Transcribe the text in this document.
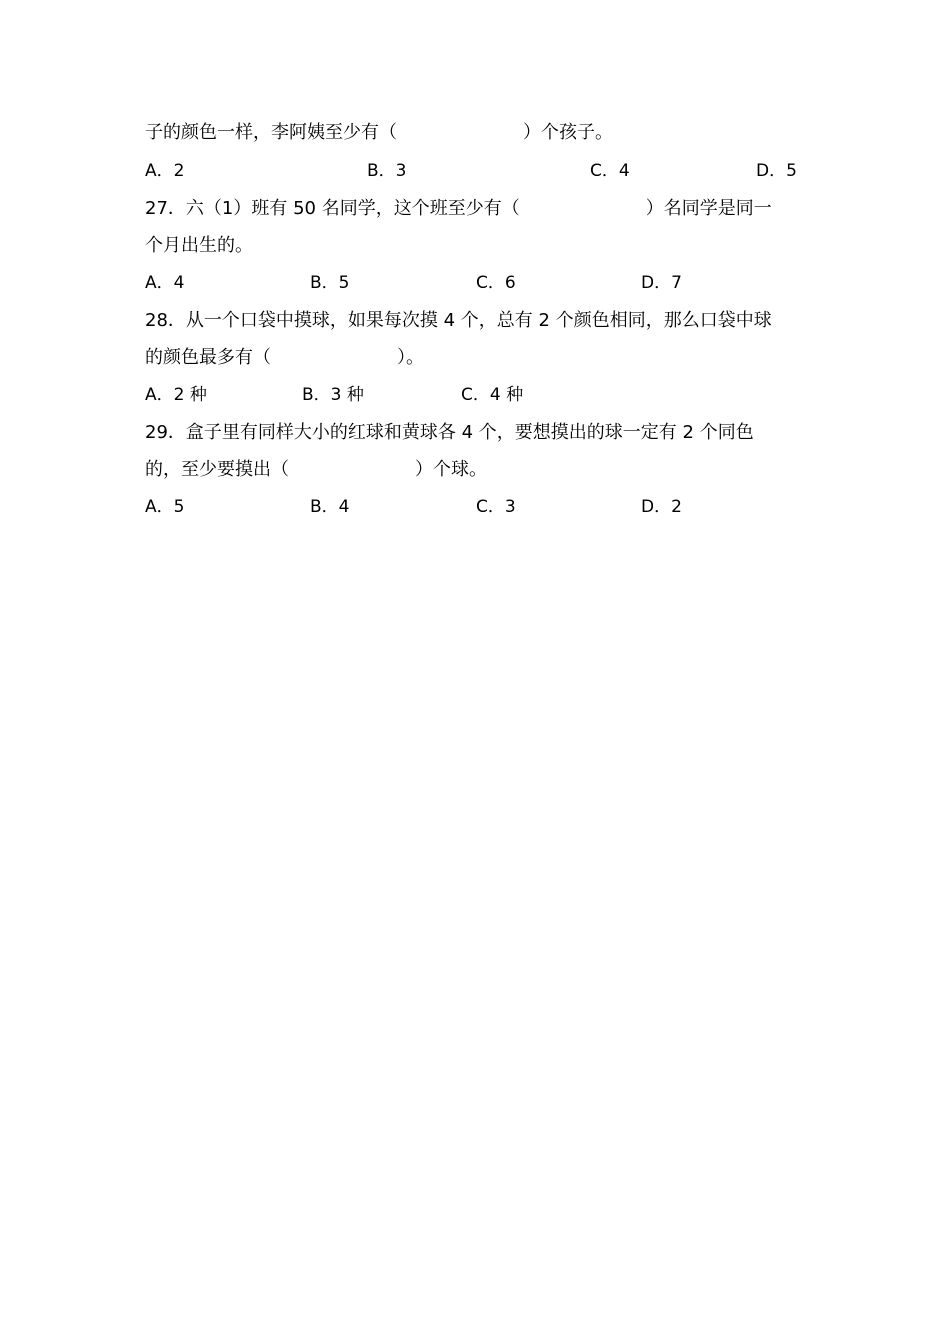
子的颜色一样，李阿姨至少有（　　　　　　　）个孩子。
A．2	B．3	C．4	D．5
27．六（1）班有 50 名同学，这个班至少有（　　　　　　　）名同学是同一
个月出生的。
A．4	B．5	C．6	D．7
28．从一个口袋中摸球，如果每次摸 4 个，总有 2 个颜色相同，那么口袋中球
的颜色最多有（　　　　　　　）。
A．2 种	B．3 种	C．4 种
29．盒子里有同样大小的红球和黄球各 4 个，要想摸出的球一定有 2 个同色
的，至少要摸出（　　　　　　　）个球。
A．5	B．4	C．3	D．2
